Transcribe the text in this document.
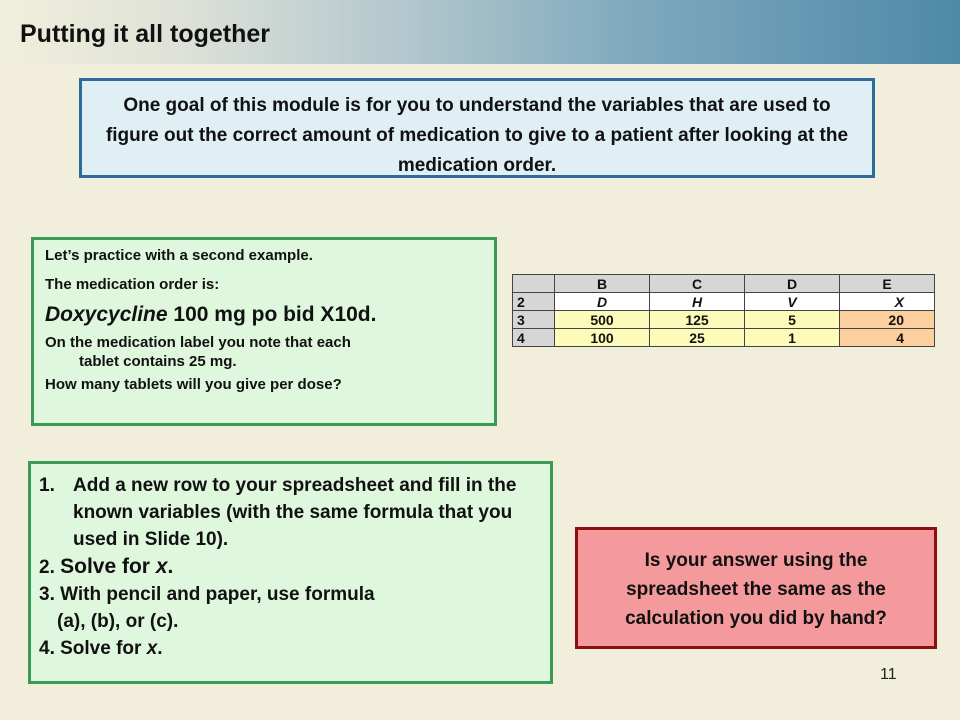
Putting it all together
One goal of this module is for you to understand the variables that are used to figure out the correct amount of medication to give to a patient after looking at the medication order.
Let’s practice with a second example.
The medication order is:
Doxycycline 100 mg po bid X10d.
On the medication label you note that each
tablet contains 25 mg.
How many tablets will you give per dose?
	B	C	D	E
2	D	H	V	X
3	500	125	5	20
4	100	25	1	4
1. Add a new row to your spreadsheet and fill in the known variables (with the same formula that you used in Slide 10).
2. Solve for x.
3. With pencil and paper, use formula
(a), (b), or (c).
4. Solve for x.
Is your answer using the spreadsheet the same as the calculation you did by hand?
11
